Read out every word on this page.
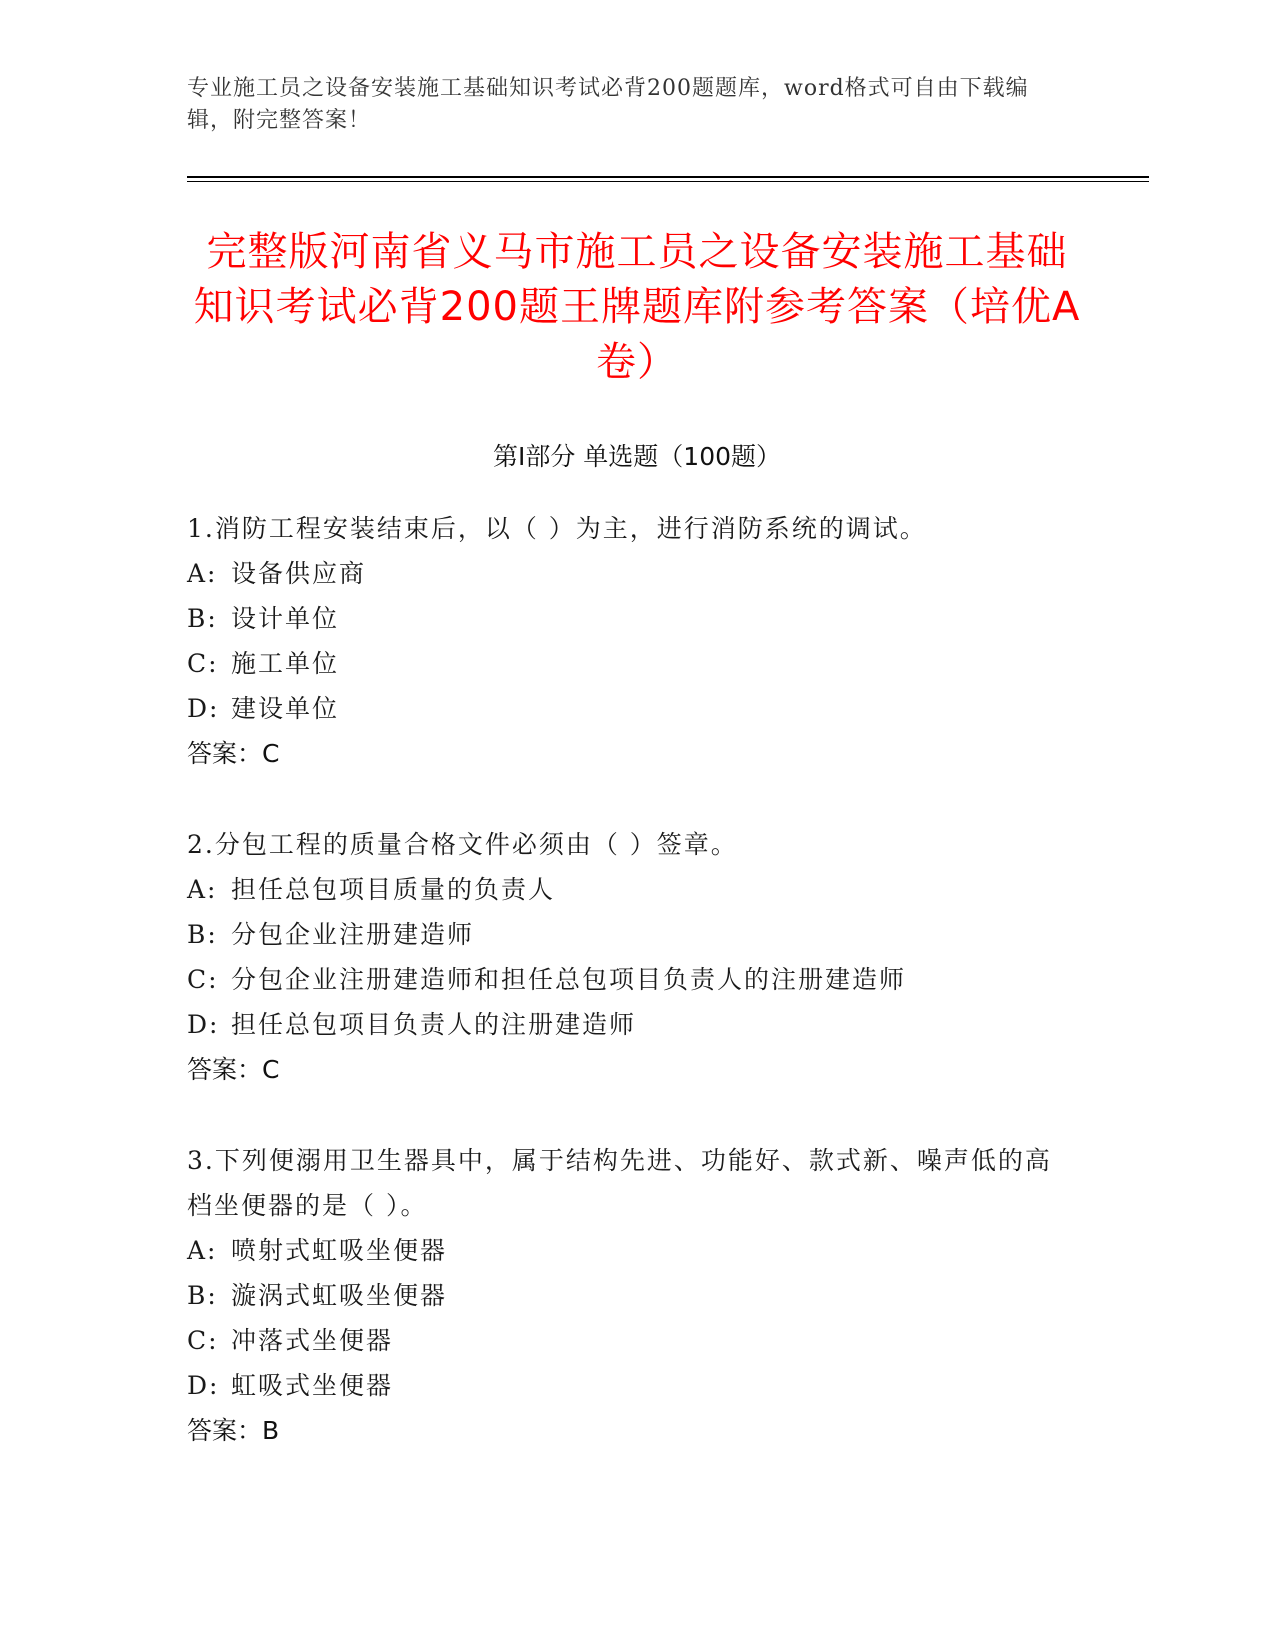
专业施工员之设备安装施工基础知识考试必背200题题库，word格式可自由下载编辑，附完整答案！
完整版河南省义马市施工员之设备安装施工基础知识考试必背200题王牌题库附参考答案（培优A卷）
第Ⅰ部分 单选题（100题）
1.消防工程安装结束后，以（ ）为主，进行消防系统的调试。
A: 设备供应商
B: 设计单位
C: 施工单位
D: 建设单位
答案：C
2.分包工程的质量合格文件必须由（ ）签章。
A: 担任总包项目质量的负责人
B: 分包企业注册建造师
C: 分包企业注册建造师和担任总包项目负责人的注册建造师
D: 担任总包项目负责人的注册建造师
答案：C
3.下列便溺用卫生器具中，属于结构先进、功能好、款式新、噪声低的高档坐便器的是（ ）。
A: 喷射式虹吸坐便器
B: 漩涡式虹吸坐便器
C: 冲落式坐便器
D: 虹吸式坐便器
答案：B
